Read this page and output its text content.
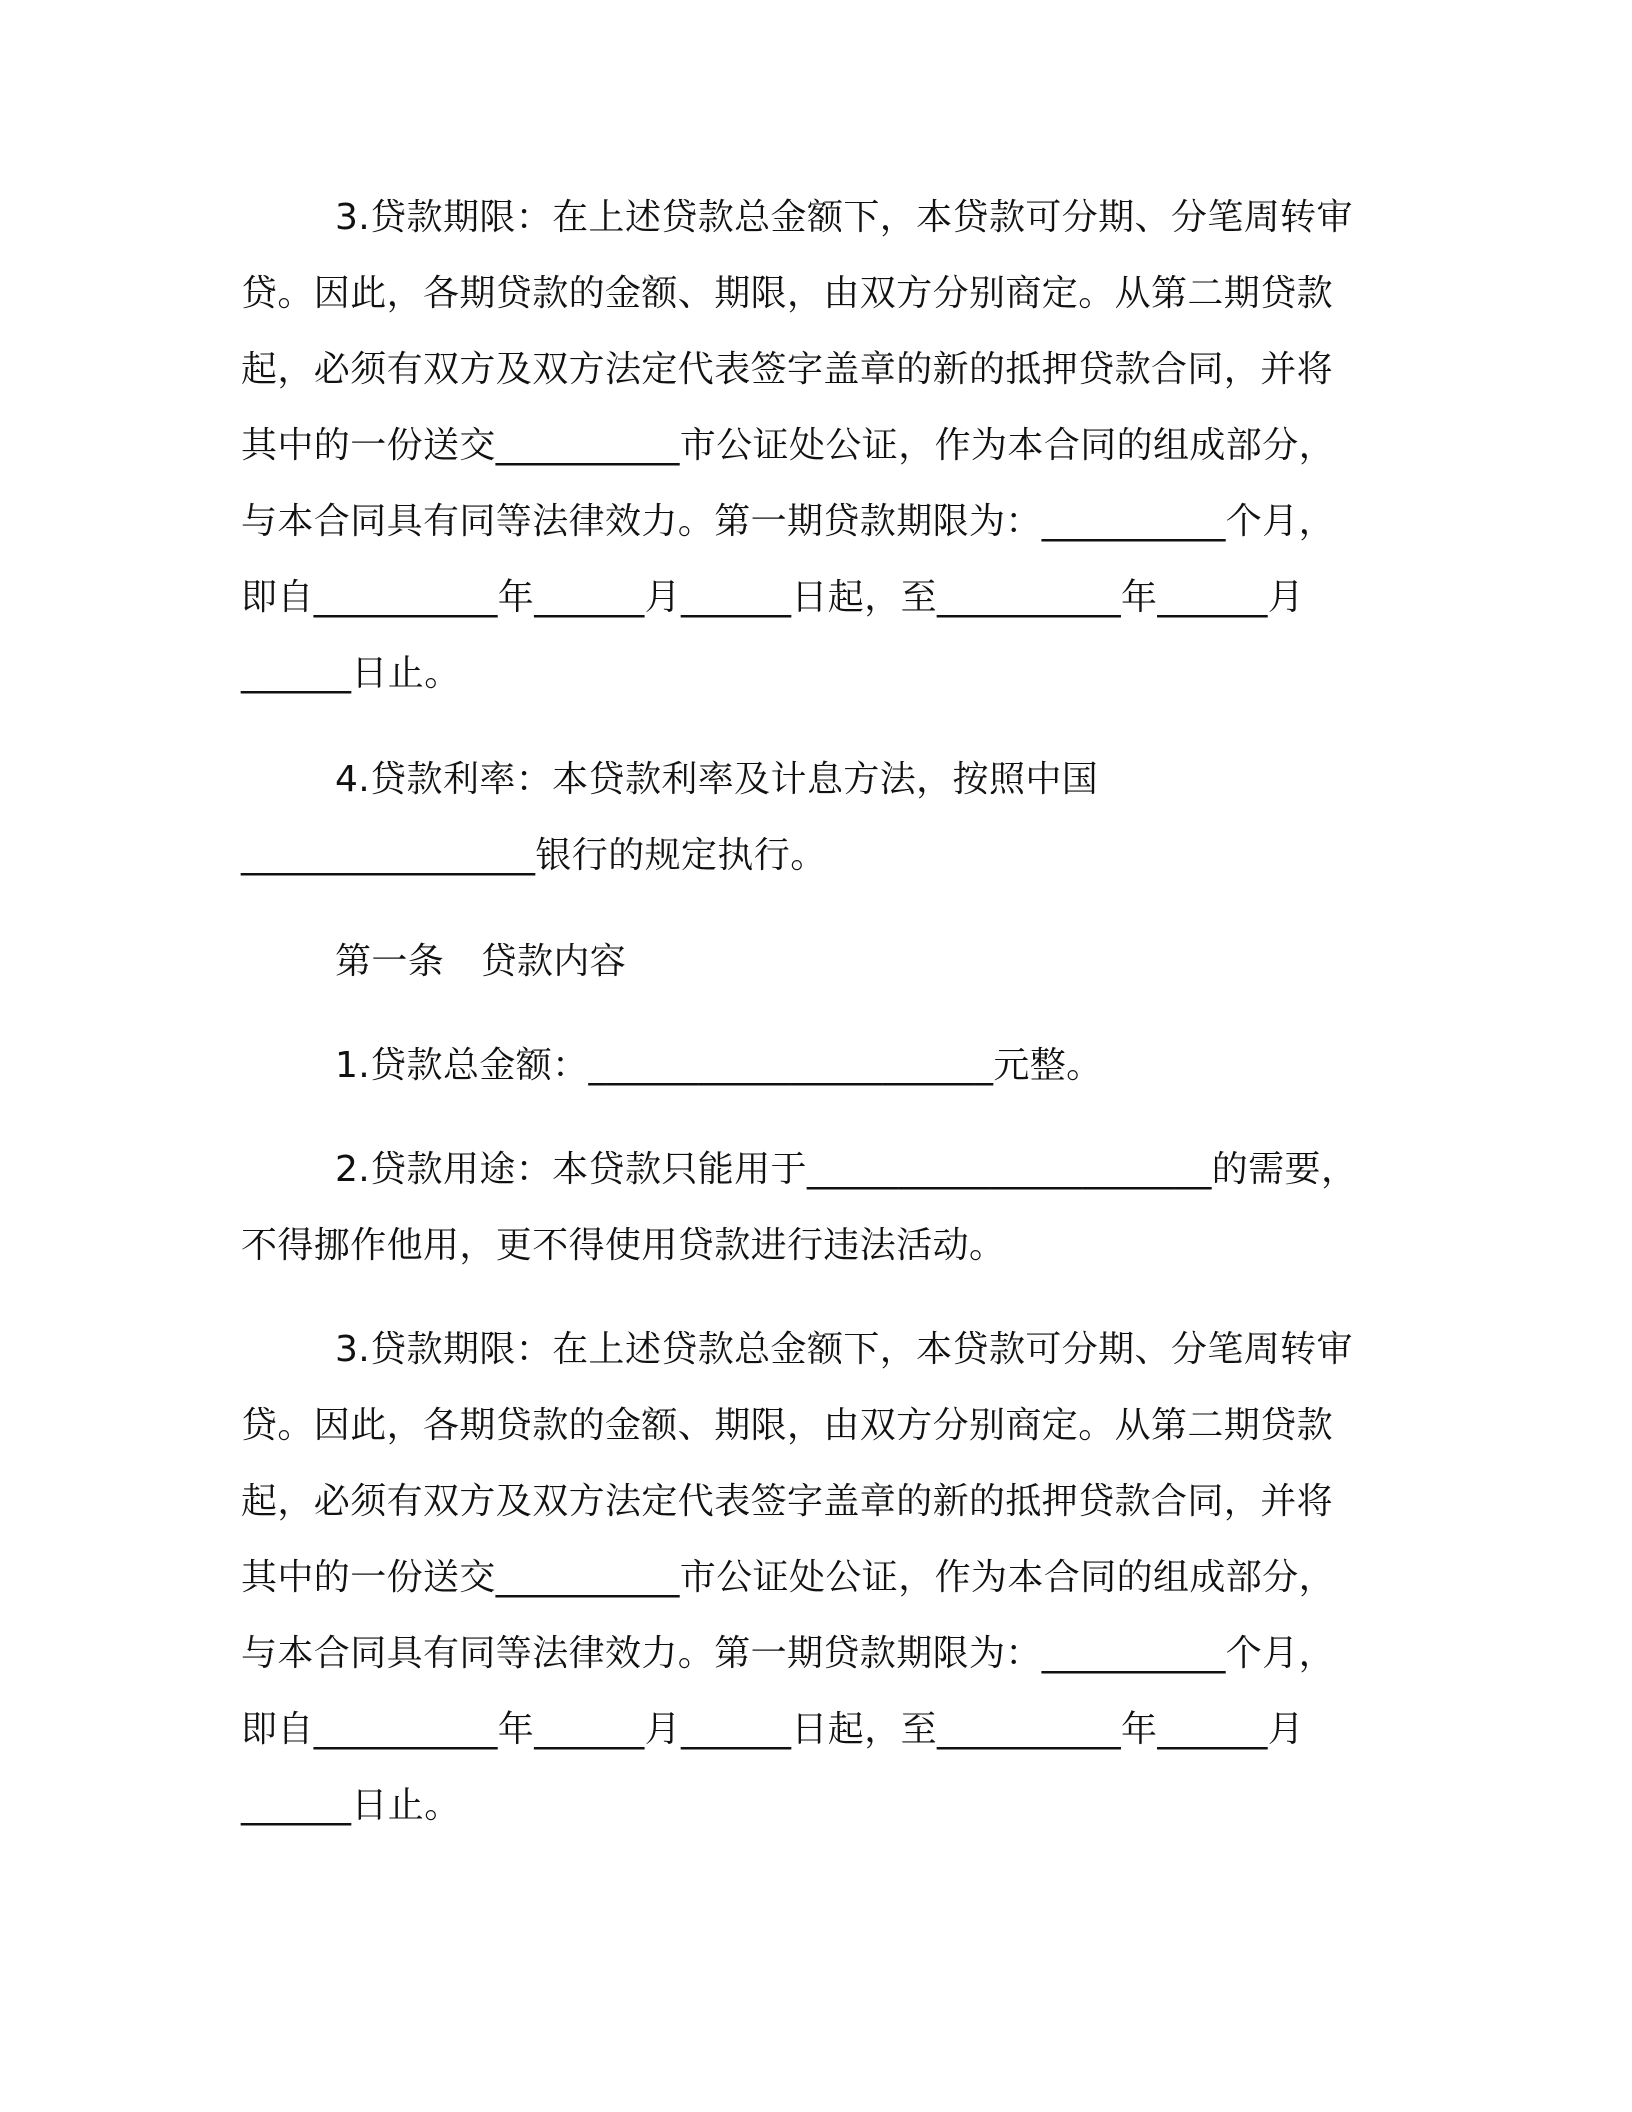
3.贷款期限：在上述贷款总金额下，本贷款可分期、分笔周转审
贷。因此，各期贷款的金额、期限，由双方分别商定。从第二期贷款
起，必须有双方及双方法定代表签字盖章的新的抵押贷款合同，并将
其中的一份送交__________市公证处公证，作为本合同的组成部分，
与本合同具有同等法律效力。第一期贷款期限为：__________个月，
即自__________年______月______日起，至__________年______月
______日止。
4.贷款利率：本贷款利率及计息方法，按照中国
________________银行的规定执行。
第一条　贷款内容
1.贷款总金额：______________________元整。
2.贷款用途：本贷款只能用于______________________的需要，
不得挪作他用，更不得使用贷款进行违法活动。
3.贷款期限：在上述贷款总金额下，本贷款可分期、分笔周转审
贷。因此，各期贷款的金额、期限，由双方分别商定。从第二期贷款
起，必须有双方及双方法定代表签字盖章的新的抵押贷款合同，并将
其中的一份送交__________市公证处公证，作为本合同的组成部分，
与本合同具有同等法律效力。第一期贷款期限为：__________个月，
即自__________年______月______日起，至__________年______月
______日止。
